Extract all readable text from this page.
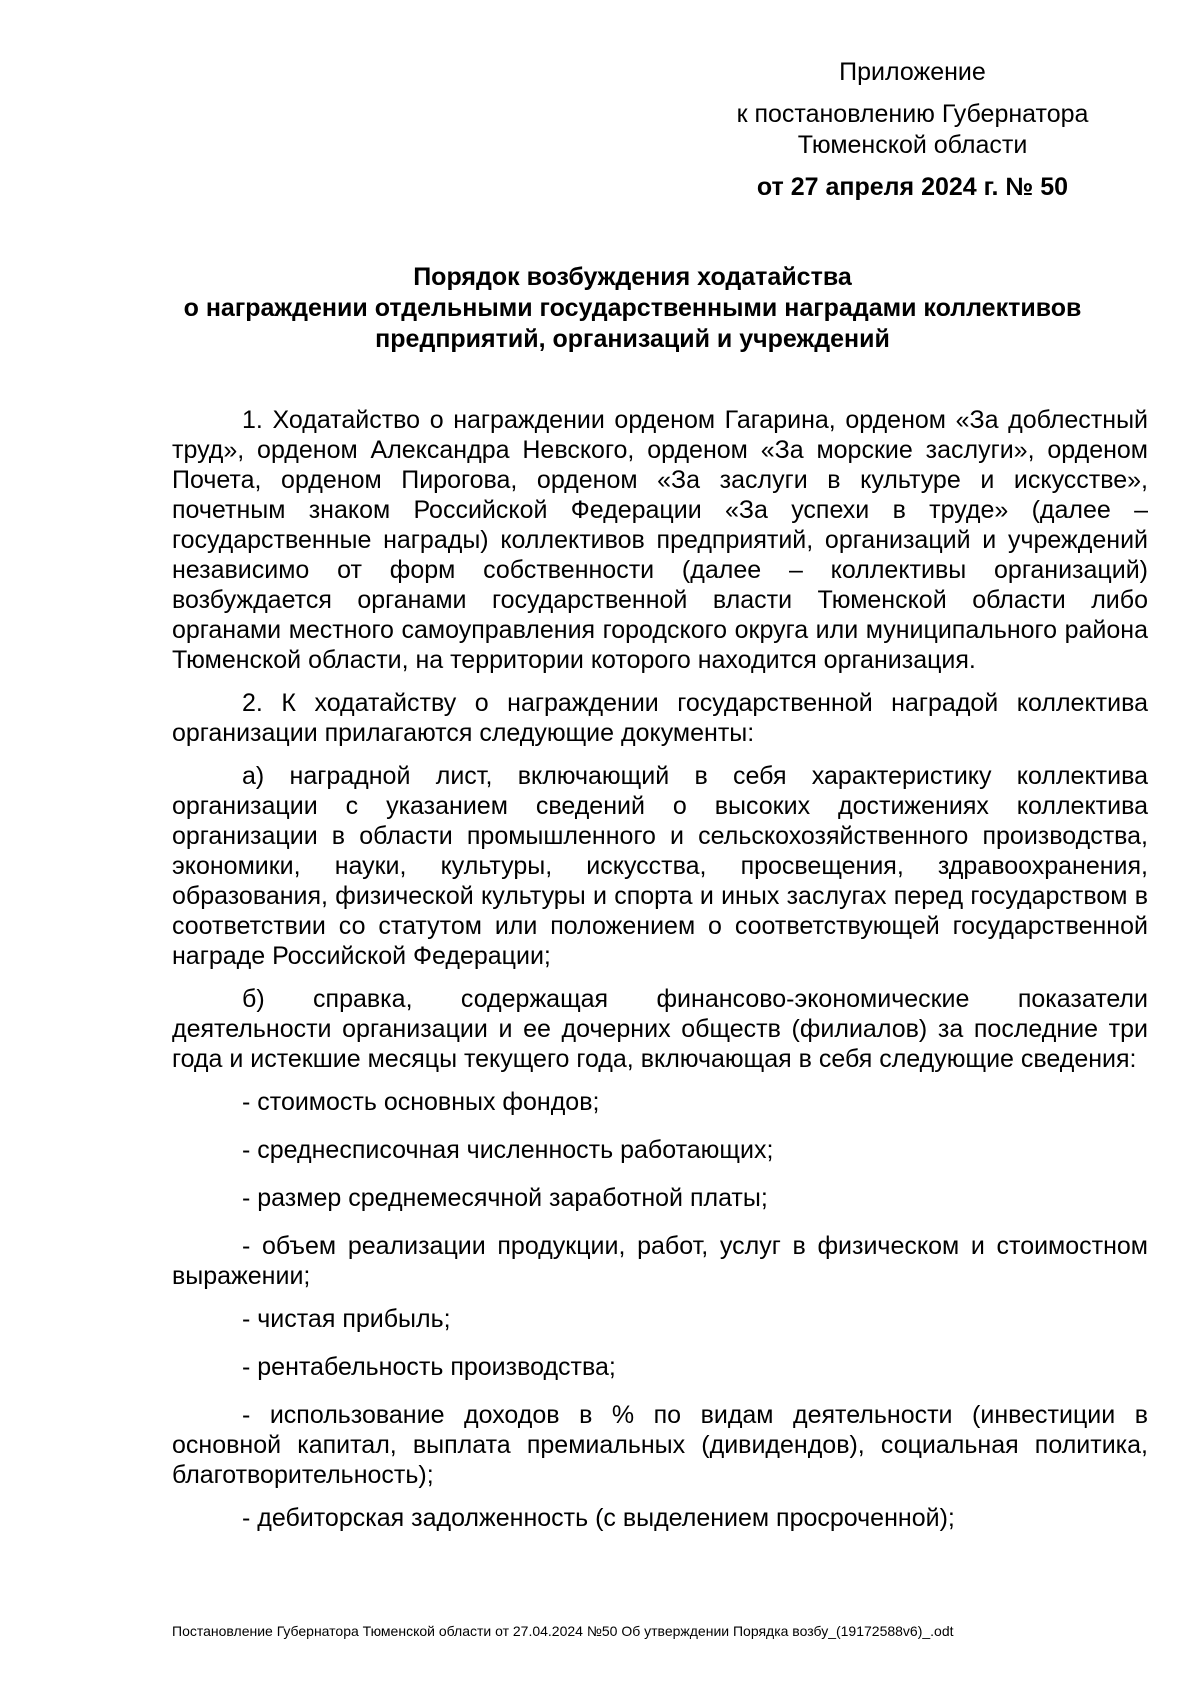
Приложение
к постановлению Губернатора
Тюменской области
от 27 апреля 2024 г. № 50
Порядок возбуждения ходатайства
о награждении отдельными государственными наградами коллективов
предприятий, организаций и учреждений

1. Ходатайство о награждении орденом Гагарина, орденом «За доблестный труд», орденом Александра Невского, орденом «За морские заслуги», орденом Почета, орденом Пирогова, орденом «За заслуги в культуре и искусстве», почетным знаком Российской Федерации «За успехи в труде» (далее – государственные награды) коллективов предприятий, организаций и учреждений независимо от форм собственности (далее – коллективы организаций) возбуждается органами государственной власти Тюменской области либо органами местного самоуправления городского округа или муниципального района Тюменской области, на территории которого находится организация.

2. К ходатайству о награждении государственной наградой коллектива организации прилагаются следующие документы:

а) наградной лист, включающий в себя характеристику коллектива организации с указанием сведений о высоких достижениях коллектива организации в области промышленного и сельскохозяйственного производства, экономики, науки, культуры, искусства, просвещения, здравоохранения, образования, физической культуры и спорта и иных заслугах перед государством в соответствии со статутом или положением о соответствующей государственной награде Российской Федерации;

б) справка, содержащая финансово-экономические показатели деятельности организации и ее дочерних обществ (филиалов) за последние три года и истекшие месяцы текущего года, включающая в себя следующие сведения:

- стоимость основных фондов;

- среднесписочная численность работающих;

- размер среднемесячной заработной платы;

- объем реализации продукции, работ, услуг в физическом и стоимостном выражении;

- чистая прибыль;

- рентабельность производства;

- использование доходов в % по видам деятельности (инвестиции в основной капитал, выплата премиальных (дивидендов), социальная политика, благотворительность);

- дебиторская задолженность (с выделением просроченной);

Постановление Губернатора Тюменской области от 27.04.2024 №50 Об утверждении Порядка возбу_(19172588v6)_.odt
